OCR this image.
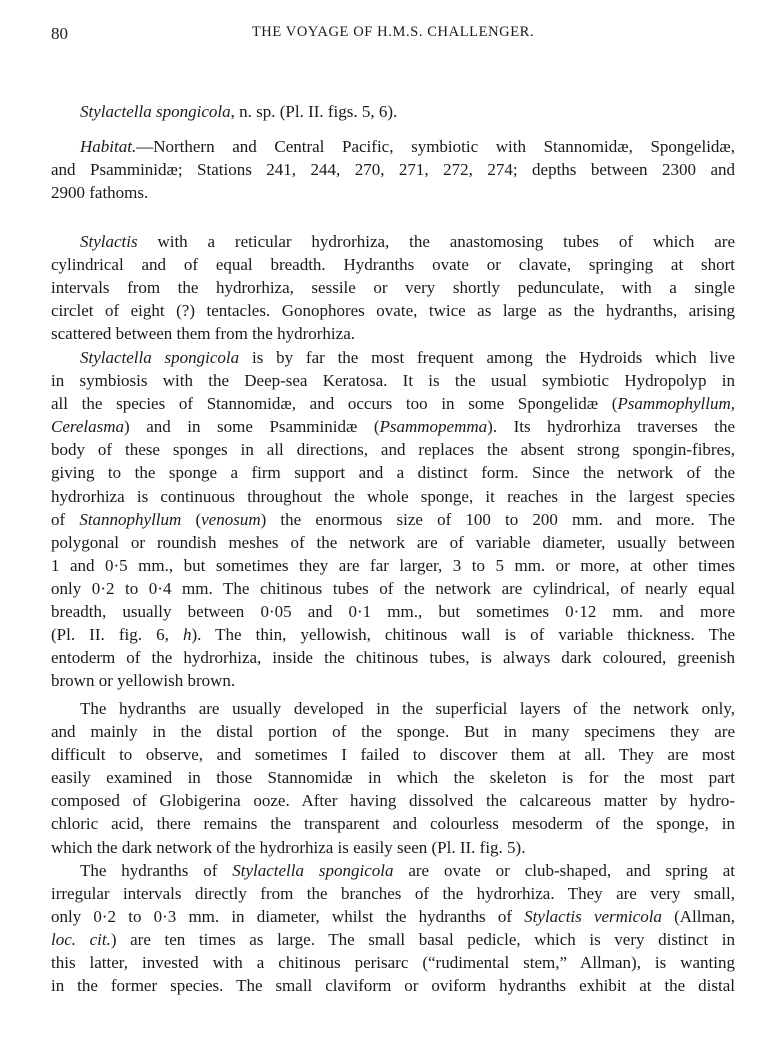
80	THE VOYAGE OF H.M.S. CHALLENGER.
Stylactella spongicola, n. sp. (Pl. II. figs. 5, 6).
Habitat.—Northern and Central Pacific, symbiotic with Stannomidæ, Spongelidæ,
and Psamminidæ; Stations 241, 244, 270, 271, 272, 274; depths between 2300 and
2900 fathoms.
Stylactis with a reticular hydrorhiza, the anastomosing tubes of which are
cylindrical and of equal breadth. Hydranths ovate or clavate, springing at short
intervals from the hydrorhiza, sessile or very shortly pedunculate, with a single
circlet of eight (?) tentacles. Gonophores ovate, twice as large as the hydranths, arising
scattered between them from the hydrorhiza.
Stylactella spongicola is by far the most frequent among the Hydroids which live
in symbiosis with the Deep-sea Keratosa. It is the usual symbiotic Hydropolyp in
all the species of Stannomidæ, and occurs too in some Spongelidæ (Psammophyllum,
Cerelasma) and in some Psamminidæ (Psammopemma). Its hydrorhiza traverses the
body of these sponges in all directions, and replaces the absent strong spongin-fibres,
giving to the sponge a firm support and a distinct form. Since the network of the
hydrorhiza is continuous throughout the whole sponge, it reaches in the largest species
of Stannophyllum (venosum) the enormous size of 100 to 200 mm. and more. The
polygonal or roundish meshes of the network are of variable diameter, usually between
1 and 0·5 mm., but sometimes they are far larger, 3 to 5 mm. or more, at other times
only 0·2 to 0·4 mm. The chitinous tubes of the network are cylindrical, of nearly equal
breadth, usually between 0·05 and 0·1 mm., but sometimes 0·12 mm. and more
(Pl. II. fig. 6, h). The thin, yellowish, chitinous wall is of variable thickness. The
entoderm of the hydrorhiza, inside the chitinous tubes, is always dark coloured, greenish
brown or yellowish brown.
The hydranths are usually developed in the superficial layers of the network only,
and mainly in the distal portion of the sponge. But in many specimens they are
difficult to observe, and sometimes I failed to discover them at all. They are most
easily examined in those Stannomidæ in which the skeleton is for the most part
composed of Globigerina ooze. After having dissolved the calcareous matter by hydro-
chloric acid, there remains the transparent and colourless mesoderm of the sponge, in
which the dark network of the hydrorhiza is easily seen (Pl. II. fig. 5).
The hydranths of Stylactella spongicola are ovate or club-shaped, and spring at
irregular intervals directly from the branches of the hydrorhiza. They are very small,
only 0·2 to 0·3 mm. in diameter, whilst the hydranths of Stylactis vermicola (Allman,
loc. cit.) are ten times as large. The small basal pedicle, which is very distinct in
this latter, invested with a chitinous perisarc (“rudimental stem,” Allman), is wanting
in the former species. The small claviform or oviform hydranths exhibit at the distal
